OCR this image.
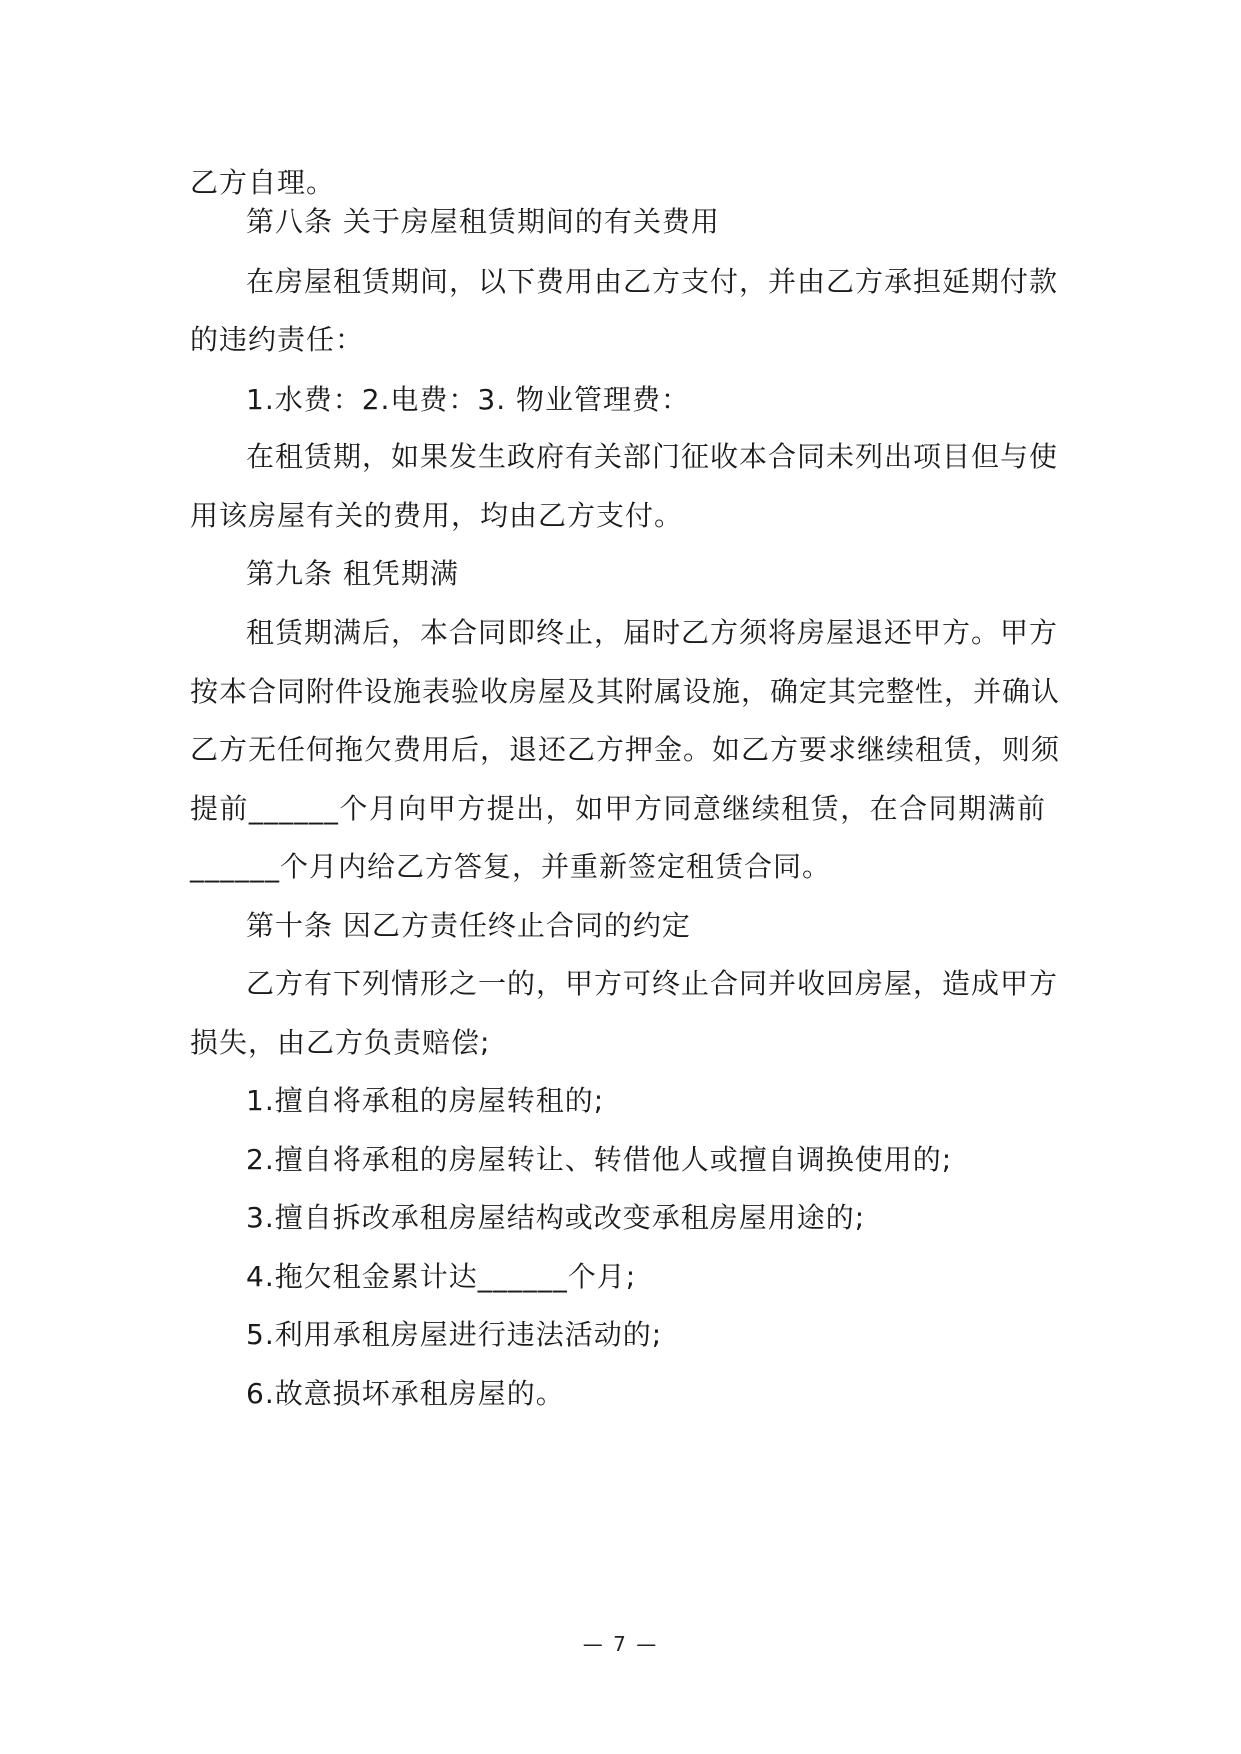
乙方自理。
第八条 关于房屋租赁期间的有关费用
在房屋租赁期间，以下费用由乙方支付，并由乙方承担延期付款
的违约责任：
1.水费：2.电费：3. 物业管理费：
在租赁期，如果发生政府有关部门征收本合同未列出项目但与使
用该房屋有关的费用，均由乙方支付。
第九条 租凭期满
租赁期满后，本合同即终止，届时乙方须将房屋退还甲方。甲方
按本合同附件设施表验收房屋及其附属设施，确定其完整性，并确认
乙方无任何拖欠费用后，退还乙方押金。如乙方要求继续租赁，则须
提前______个月向甲方提出，如甲方同意继续租赁，在合同期满前
______个月内给乙方答复，并重新签定租赁合同。
第十条 因乙方责任终止合同的约定
乙方有下列情形之一的，甲方可终止合同并收回房屋，造成甲方
损失，由乙方负责赔偿;
1.擅自将承租的房屋转租的;
2.擅自将承租的房屋转让、转借他人或擅自调换使用的;
3.擅自拆改承租房屋结构或改变承租房屋用途的;
4.拖欠租金累计达______个月;
5.利用承租房屋进行违法活动的;
6.故意损坏承租房屋的。
— 7 —
